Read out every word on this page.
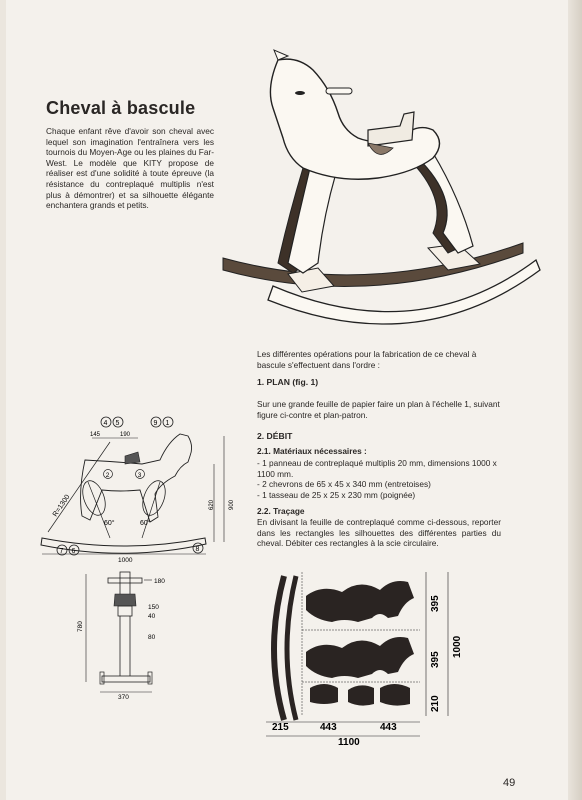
Cheval à bascule
Chaque enfant rêve d'avoir son cheval avec lequel son imagination l'entraînera vers les tournois du Moyen-Age ou les plaines du Far-West. Le modèle que KITY propose de réaliser est d'une solidité à toute épreuve (la résistance du contreplaqué multiplis n'est plus à démontrer) et sa silhouette élégante enchantera grands et petits.
Les différentes opérations pour la fabrication de ce cheval à bascule s'effectuent dans l'ordre :
1. PLAN (fig. 1)
Sur une grande feuille de papier faire un plan à l'échelle 1, suivant figure ci-contre et plan-patron.
2. DÉBIT
2.1. Matériaux nécessaires :
- 1 panneau de contreplaqué multiplis 20 mm, dimensions 1000 x 1100 mm.
- 2 chevrons de 65 x 45 x 340 mm (entretoises)
- 1 tasseau de 25 x 25 x 230 mm (poignée)
2.2. Traçage
En divisant la feuille de contreplaqué comme ci-dessous, reporter dans les rectangles les silhouettes des différentes parties du cheval. Débiter ces rectangles à la scie circulaire.
R=1300
60°	60°
4 5	9 1
145	190
620 900
1000
7 6	8
2	3
780
180
150
40
80
370
395
395
210
1000
215	443	443
1100
49
